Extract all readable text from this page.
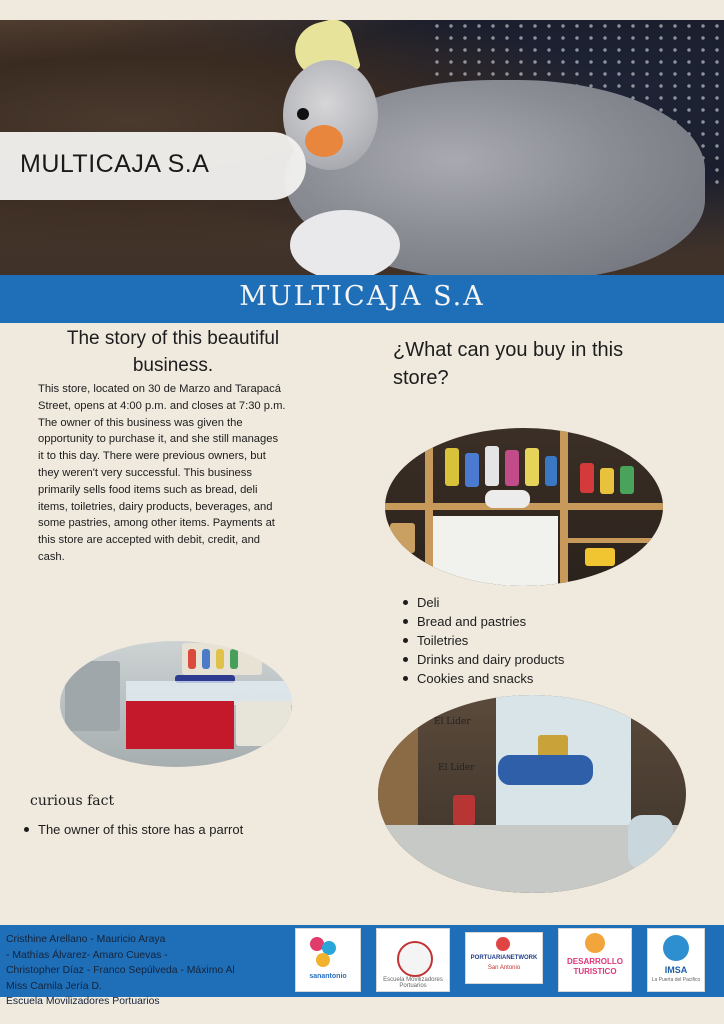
MULTICAJA S.A
MULTICAJA S.A
The story of this beautiful
business.
This store, located on 30 de Marzo and Tarapacá
Street, opens at 4:00 p.m. and closes at 7:30 p.m.
The owner of this business was given the
opportunity to purchase it, and she still manages
it to this day. There were previous owners, but
they weren't very successful. This business
primarily sells food items such as bread, deli
items, toiletries, dairy products, beverages, and
some pastries, among other items. Payments at
this store are accepted with debit, credit, and
cash.
¿What can you buy in this
store?
Deli
Bread and pastries
Toiletries
Drinks and dairy products
Cookies and snacks
El Lider
El Lider
curious fact
The owner of this store has a parrot
Cristhine Arellano - Mauricio Araya
- Mathías Álvarez- Amaro Cuevas -
Christopher Díaz - Franco Sepúlveda - Máximo Al
Miss Camila Jería D.
Escuela Movilizadores Portuarios
sanantonio	Escuela Movilizadores Portuarios
PORTUARIANETWORK
San Antonio
DESARROLLO
TURISTICO	IMSA
La Puerta del Pacifico
